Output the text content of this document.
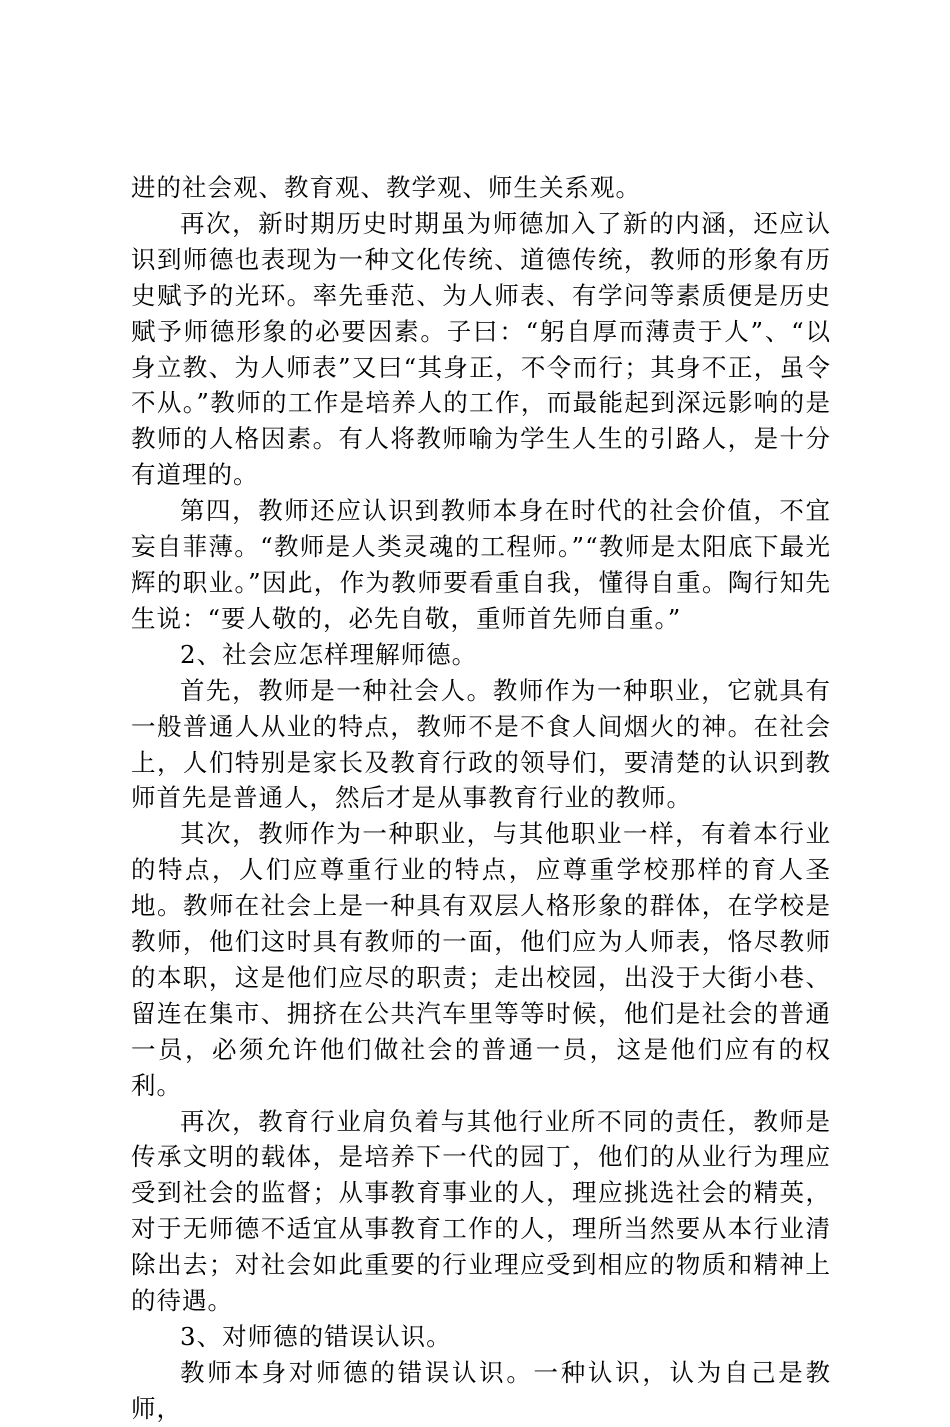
进的社会观、教育观、教学观、师生关系观。

再次，新时期历史时期虽为师德加入了新的内涵，还应认识到师德也表现为一种文化传统、道德传统，教师的形象有历史赋予的光环。率先垂范、为人师表、有学问等素质便是历史赋予师德形象的必要因素。子曰：“躬自厚而薄责于人”、“以身立教、为人师表”又曰“其身正，不令而行；其身不正，虽令不从。”教师的工作是培养人的工作，而最能起到深远影响的是教师的人格因素。有人将教师喻为学生人生的引路人，是十分有道理的。

第四，教师还应认识到教师本身在时代的社会价值，不宜妄自菲薄。“教师是人类灵魂的工程师。”“教师是太阳底下最光辉的职业。”因此，作为教师要看重自我，懂得自重。陶行知先生说：“要人敬的，必先自敬，重师首先师自重。”

2、社会应怎样理解师德。

首先，教师是一种社会人。教师作为一种职业，它就具有一般普通人从业的特点，教师不是不食人间烟火的神。在社会上，人们特别是家长及教育行政的领导们，要清楚的认识到教师首先是普通人，然后才是从事教育行业的教师。

其次，教师作为一种职业，与其他职业一样，有着本行业的特点，人们应尊重行业的特点，应尊重学校那样的育人圣地。教师在社会上是一种具有双层人格形象的群体，在学校是教师，他们这时具有教师的一面，他们应为人师表，恪尽教师的本职，这是他们应尽的职责；走出校园，出没于大街小巷、留连在集市、拥挤在公共汽车里等等时候，他们是社会的普通一员，必须允许他们做社会的普通一员，这是他们应有的权利。

再次，教育行业肩负着与其他行业所不同的责任，教师是传承文明的载体，是培养下一代的园丁，他们的从业行为理应受到社会的监督；从事教育事业的人，理应挑选社会的精英，对于无师德不适宜从事教育工作的人，理所当然要从本行业清除出去；对社会如此重要的行业理应受到相应的物质和精神上的待遇。

3、对师德的错误认识。

教师本身对师德的错误认识。一种认识，认为自己是教师，
